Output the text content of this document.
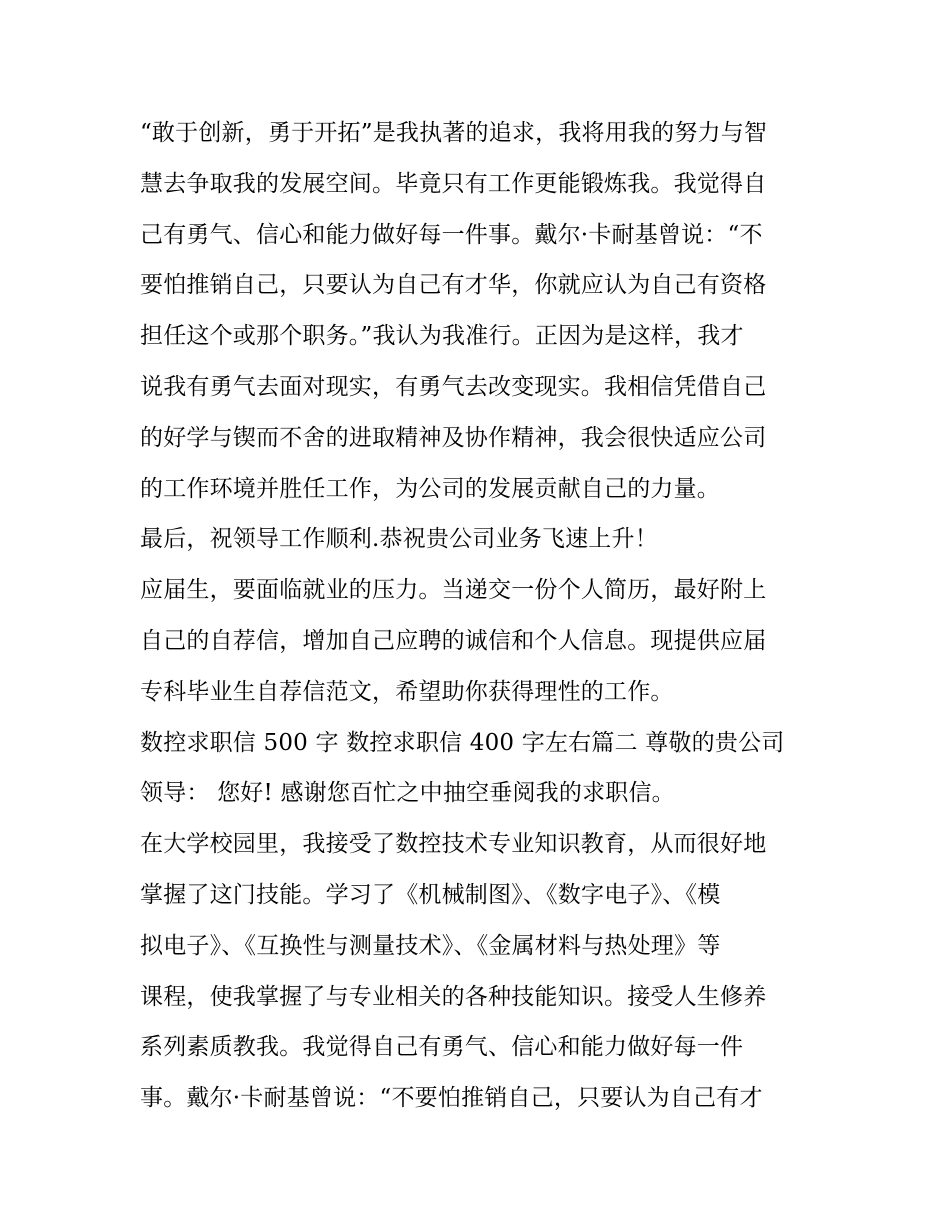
“敢于创新，勇于开拓”是我执著的追求，我将用我的努力与智
慧去争取我的发展空间。毕竟只有工作更能锻炼我。我觉得自
己有勇气、信心和能力做好每一件事。戴尔·卡耐基曾说：“不
要怕推销自己，只要认为自己有才华，你就应认为自己有资格
担任这个或那个职务。”我认为我准行。正因为是这样，我才
说我有勇气去面对现实，有勇气去改变现实。我相信凭借自己
的好学与锲而不舍的进取精神及协作精神，我会很快适应公司
的工作环境并胜任工作，为公司的发展贡献自己的力量。
最后，祝领导工作顺利.恭祝贵公司业务飞速上升！
应届生，要面临就业的压力。当递交一份个人简历，最好附上
自己的自荐信，增加自己应聘的诚信和个人信息。现提供应届
专科毕业生自荐信范文，希望助你获得理性的工作。
数控求职信 500 字 数控求职信 400 字左右篇二 尊敬的贵公司
领导： 您好! 感谢您百忙之中抽空垂阅我的求职信。
在大学校园里，我接受了数控技术专业知识教育，从而很好地
掌握了这门技能。学习了《机械制图》、《数字电子》、《模
拟电子》、《互换性与测量技术》、《金属材料与热处理》等
课程，使我掌握了与专业相关的各种技能知识。接受人生修养
系列素质教我。我觉得自己有勇气、信心和能力做好每一件
事。戴尔·卡耐基曾说：“不要怕推销自己，只要认为自己有才
